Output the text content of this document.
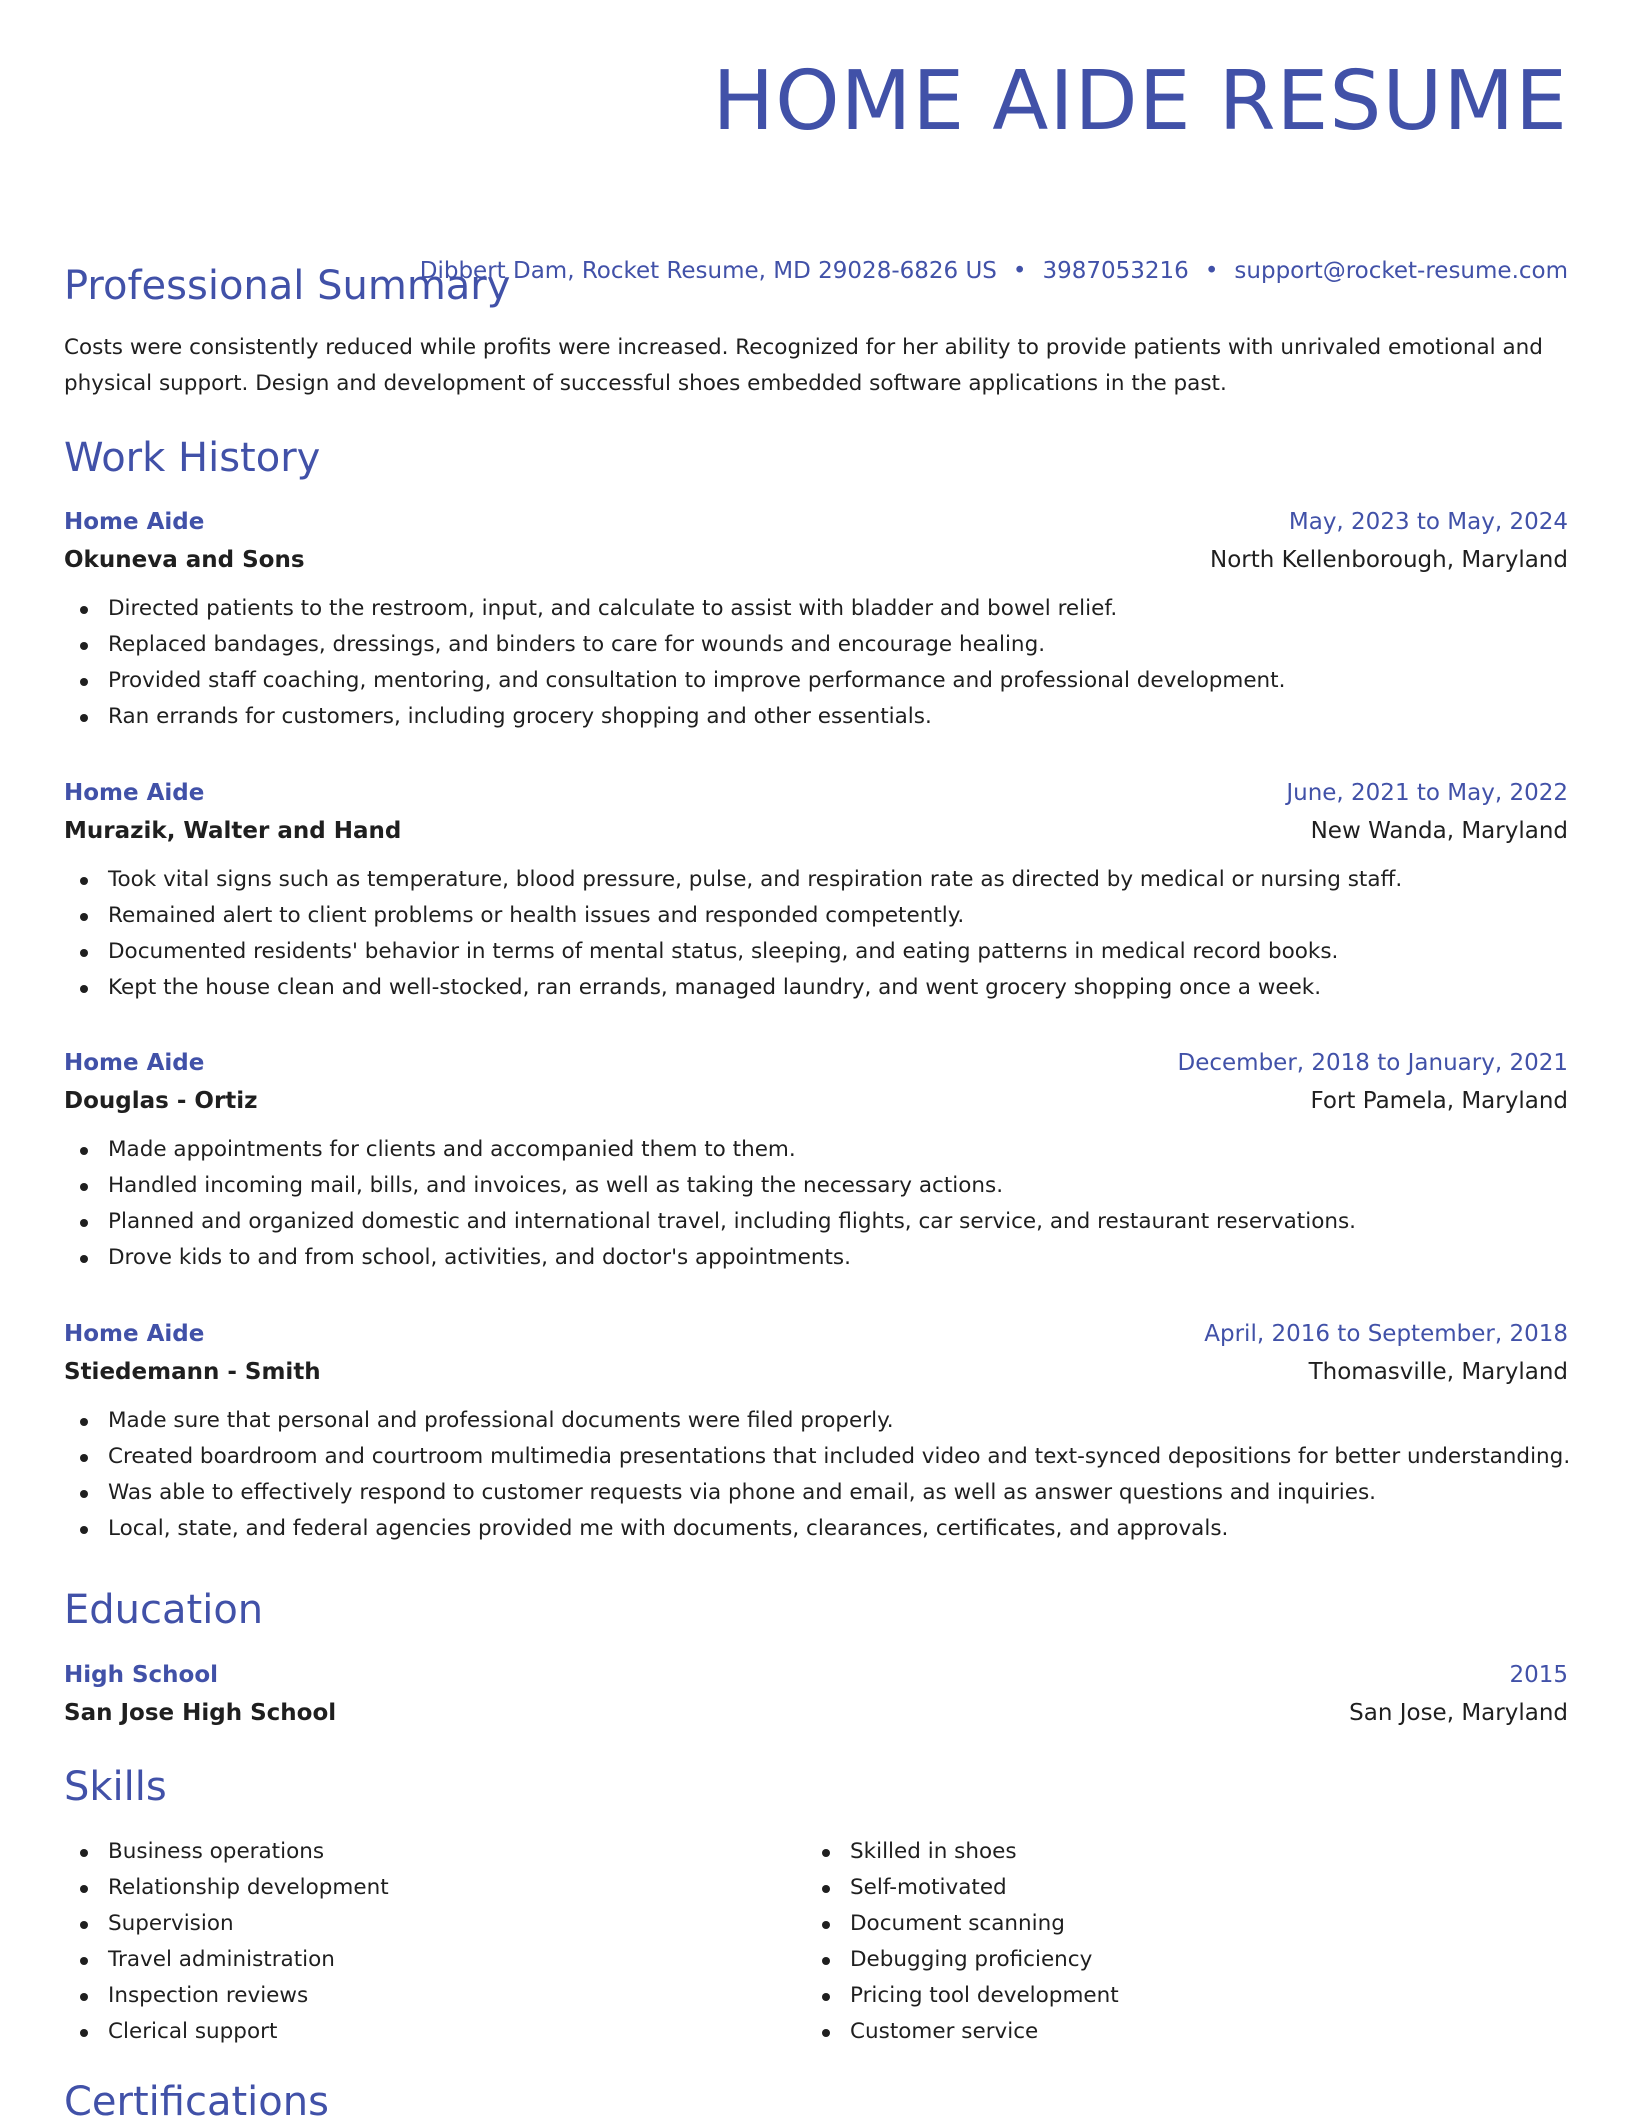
HOME AIDE RESUME
Dibbert Dam, Rocket Resume, MD 29028-6826 US • 3987053216 • support@rocket-resume.com
Professional Summary
Costs were consistently reduced while profits were increased. Recognized for her ability to provide patients with unrivaled emotional and physical support. Design and development of successful shoes embedded software applications in the past.
Work History
Home Aide	May, 2023 to May, 2024
Okuneva and Sons	North Kellenborough, Maryland
Directed patients to the restroom, input, and calculate to assist with bladder and bowel relief.
Replaced bandages, dressings, and binders to care for wounds and encourage healing.
Provided staff coaching, mentoring, and consultation to improve performance and professional development.
Ran errands for customers, including grocery shopping and other essentials.
Home Aide	June, 2021 to May, 2022
Murazik, Walter and Hand	New Wanda, Maryland
Took vital signs such as temperature, blood pressure, pulse, and respiration rate as directed by medical or nursing staff.
Remained alert to client problems or health issues and responded competently.
Documented residents' behavior in terms of mental status, sleeping, and eating patterns in medical record books.
Kept the house clean and well-stocked, ran errands, managed laundry, and went grocery shopping once a week.
Home Aide	December, 2018 to January, 2021
Douglas - Ortiz	Fort Pamela, Maryland
Made appointments for clients and accompanied them to them.
Handled incoming mail, bills, and invoices, as well as taking the necessary actions.
Planned and organized domestic and international travel, including flights, car service, and restaurant reservations.
Drove kids to and from school, activities, and doctor's appointments.
Home Aide	April, 2016 to September, 2018
Stiedemann - Smith	Thomasville, Maryland
Made sure that personal and professional documents were filed properly.
Created boardroom and courtroom multimedia presentations that included video and text-synced depositions for better understanding.
Was able to effectively respond to customer requests via phone and email, as well as answer questions and inquiries.
Local, state, and federal agencies provided me with documents, clearances, certificates, and approvals.
Education
High School	2015
San Jose High School	San Jose, Maryland
Skills
Business operations
Relationship development
Supervision
Travel administration
Inspection reviews
Clerical support
Skilled in shoes
Self-motivated
Document scanning
Debugging proficiency
Pricing tool development
Customer service
Certifications
